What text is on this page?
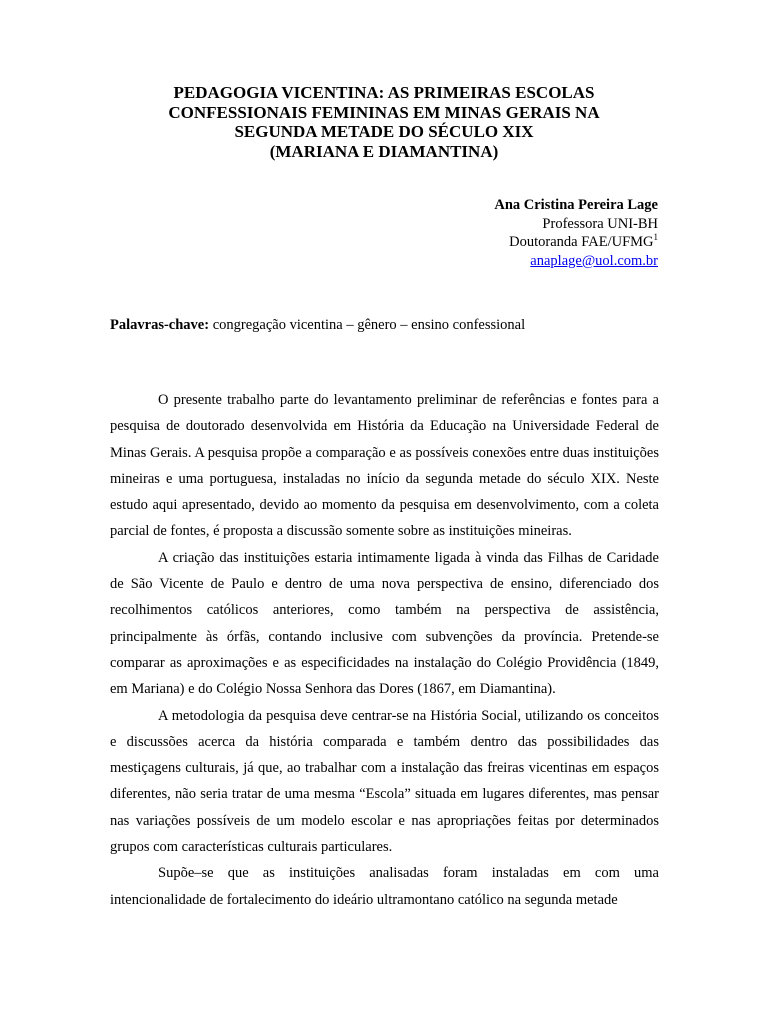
PEDAGOGIA VICENTINA: AS PRIMEIRAS ESCOLAS
CONFESSIONAIS FEMININAS EM MINAS GERAIS NA
SEGUNDA METADE DO SÉCULO XIX
(MARIANA E DIAMANTINA)
Ana Cristina Pereira Lage
Professora UNI-BH
Doutoranda FAE/UFMG$^1$
anaplage@uol.com.br
Palavras-chave: congregação vicentina – gênero – ensino confessional

O presente trabalho parte do levantamento preliminar de referências e fontes para a pesquisa de doutorado desenvolvida em História da Educação na Universidade Federal de Minas Gerais. A pesquisa propõe a comparação e as possíveis conexões entre duas instituições mineiras e uma portuguesa, instaladas no início da segunda metade do século XIX. Neste estudo aqui apresentado, devido ao momento da pesquisa em desenvolvimento, com a coleta parcial de fontes, é proposta a discussão somente sobre as instituições mineiras.

A criação das instituições estaria intimamente ligada à vinda das Filhas de Caridade de São Vicente de Paulo e dentro de uma nova perspectiva de ensino, diferenciado dos recolhimentos católicos anteriores, como também na perspectiva de assistência, principalmente às órfãs, contando inclusive com subvenções da província. Pretende-se comparar as aproximações e as especificidades na instalação do Colégio Providência (1849, em Mariana) e do Colégio Nossa Senhora das Dores (1867, em Diamantina).

A metodologia da pesquisa deve centrar-se na História Social, utilizando os conceitos e discussões acerca da história comparada e também dentro das possibilidades das mestiçagens culturais, já que, ao trabalhar com a instalação das freiras vicentinas em espaços diferentes, não seria tratar de uma mesma “Escola” situada em lugares diferentes, mas pensar nas variações possíveis de um modelo escolar e nas apropriações feitas por determinados grupos com características culturais particulares.

Supõe–se que as instituições analisadas foram instaladas em com uma intencionalidade de fortalecimento do ideário ultramontano católico na segunda metade
